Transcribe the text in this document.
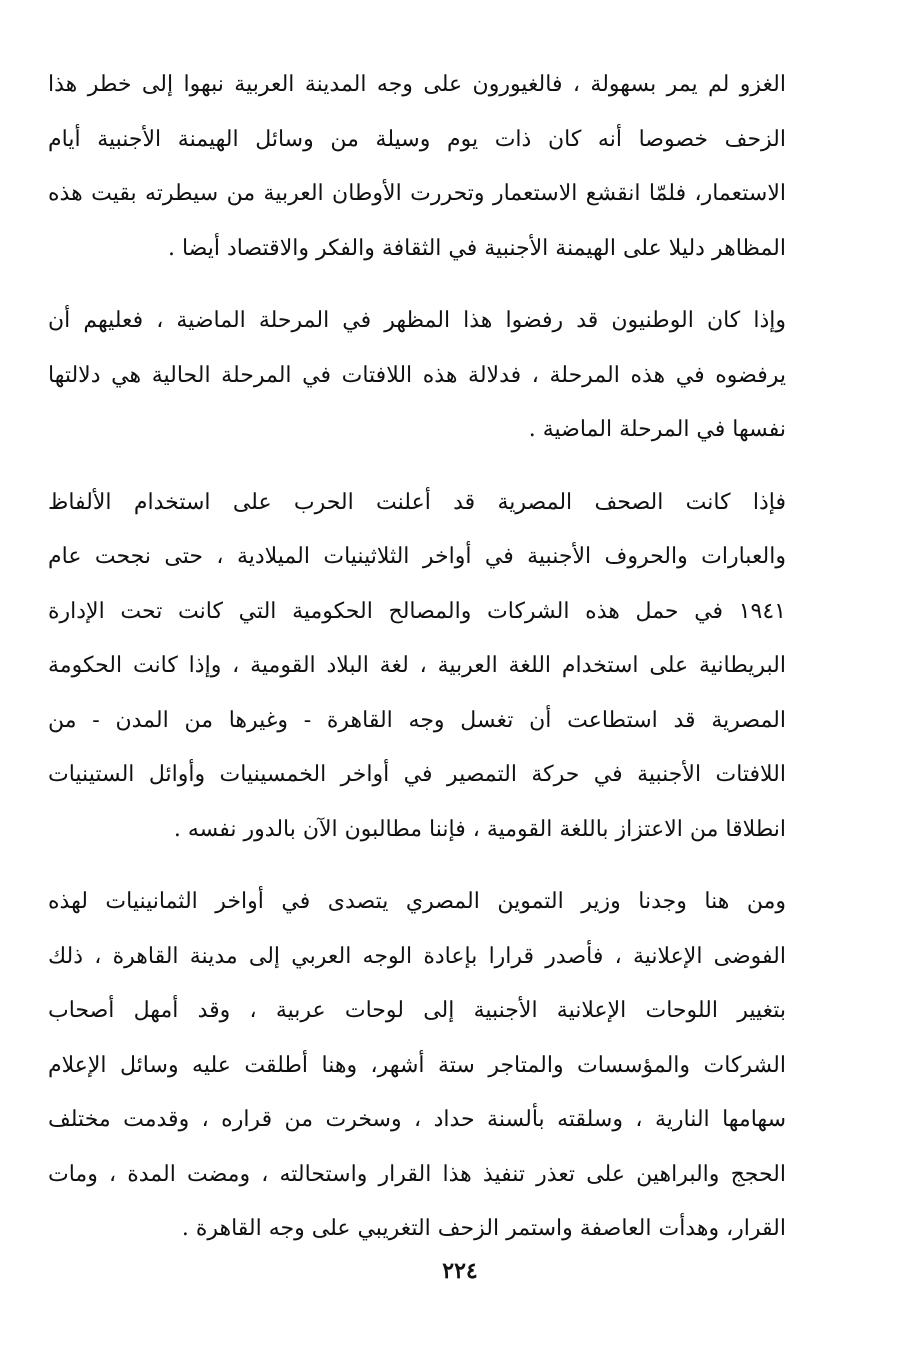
الغزو لم يمر بسهولة ، فالغيورون على وجه المدينة العربية نبهوا إلى خطر هذا
الزحف خصوصا أنه كان ذات يوم وسيلة من وسائل الهيمنة الأجنبية أيام
الاستعمار، فلمّا انقشع الاستعمار وتحررت الأوطان العربية من سيطرته بقيت هذه
المظاهر دليلا على الهيمنة الأجنبية في الثقافة والفكر والاقتصاد أيضا .
وإذا كان الوطنيون قد رفضوا هذا المظهر في المرحلة الماضية ، فعليهم أن
يرفضوه في هذه المرحلة ، فدلالة هذه اللافتات في المرحلة الحالية هي دلالتها
نفسها في المرحلة الماضية .
فإذا كانت الصحف المصرية قد أعلنت الحرب على استخدام الألفاظ
والعبارات والحروف الأجنبية في أواخر الثلاثينيات الميلادية ، حتى نجحت عام
١٩٤١ في حمل هذه الشركات والمصالح الحكومية التي كانت تحت الإدارة
البريطانية على استخدام اللغة العربية ، لغة البلاد القومية ، وإذا كانت الحكومة
المصرية قد استطاعت أن تغسل وجه القاهرة - وغيرها من المدن - من
اللافتات الأجنبية في حركة التمصير في أواخر الخمسينيات وأوائل الستينيات
انطلاقا من الاعتزاز باللغة القومية ، فإننا مطالبون الآن بالدور نفسه .
ومن هنا وجدنا وزير التموين المصري يتصدى في أواخر الثمانينيات لهذه
الفوضى الإعلانية ، فأصدر قرارا بإعادة الوجه العربي إلى مدينة القاهرة ، ذلك
بتغيير اللوحات الإعلانية الأجنبية إلى لوحات عربية ، وقد أمهل أصحاب
الشركات والمؤسسات والمتاجر ستة أشهر، وهنا أطلقت عليه وسائل الإعلام
سهامها النارية ، وسلقته بألسنة حداد ، وسخرت من قراره ، وقدمت مختلف
الحجج والبراهين على تعذر تنفيذ هذا القرار واستحالته ، ومضت المدة ، ومات
القرار، وهدأت العاصفة واستمر الزحف التغريبي على وجه القاهرة .
٢٢٤
